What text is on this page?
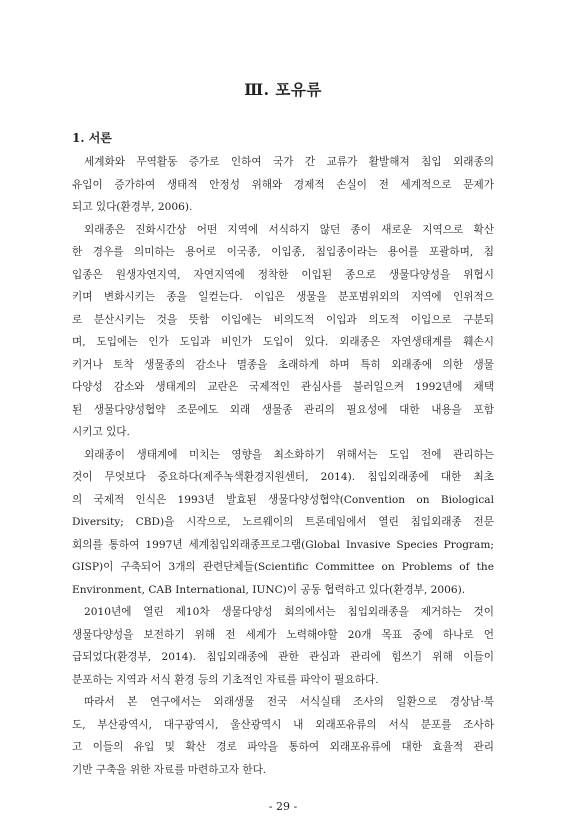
Ⅲ. 포유류
1. 서론
세계화와 무역활동 증가로 인하여 국가 간 교류가 활발해져 침입 외래종의
유입이 증가하여 생태적 안정성 위해와 경제적 손실이 전 세계적으로 문제가
되고 있다(환경부, 2006).
외래종은 진화시간상 어떤 지역에 서식하지 않던 종이 새로운 지역으로 확산
한 경우를 의미하는 용어로 이국종, 이입종, 침입종이라는 용어를 포괄하며, 침
입종은 원생자연지역, 자연지역에 정착한 이입된 종으로 생물다양성을 위협시
키며 변화시키는 종을 일컫는다. 이입은 생물을 분포범위외의 지역에 인위적으
로 분산시키는 것을 뜻함 이입에는 비의도적 이입과 의도적 이입으로 구분되
며, 도입에는 인가 도입과 비인가 도입이 있다. 외래종은 자연생태계를 훼손시
키거나 토착 생물종의 감소나 멸종을 초래하게 하며 특히 외래종에 의한 생물
다양성 감소와 생태계의 교란은 국제적인 관심사를 불러일으켜 1992년에 채택
된 생물다양성협약 조문에도 외래 생물종 관리의 필요성에 대한 내용을 포함
시키고 있다.
외래종이 생태계에 미치는 영향을 최소화하기 위해서는 도입 전에 관리하는
것이 무엇보다 중요하다(제주녹색환경지원센터, 2014). 침입외래종에 대한 최초
의 국제적 인식은 1993년 발효된 생물다양성협약(Convention on Biological
Diversity; CBD)을 시작으로, 노르웨이의 트론데임에서 열린 침입외래종 전문
회의를 통하여 1997년 세계침입외래종프로그램(Global Invasive Species Program;
GISP)이 구축되어 3개의 관련단체들(Scientific Committee on Problems of the
Environment, CAB International, IUNC)이 공동 협력하고 있다(환경부, 2006).
2010년에 열린 제10차 생물다양성 회의에서는 침입외래종을 제거하는 것이
생물다양성을 보전하기 위해 전 세계가 노력해야할 20개 목표 중에 하나로 언
급되었다(환경부, 2014). 침입외래종에 관한 관심과 관리에 힘쓰기 위해 이들이
분포하는 지역과 서식 환경 등의 기초적인 자료를 파악이 필요하다.
따라서 본 연구에서는 외래생물 전국 서식실태 조사의 일환으로 경상남·북
도, 부산광역시, 대구광역시, 울산광역시 내 외래포유류의 서식 분포를 조사하
고 이들의 유입 및 확산 경로 파악을 통하여 외래포유류에 대한 효율적 관리
기반 구축을 위한 자료를 마련하고자 한다.
- 29 -
